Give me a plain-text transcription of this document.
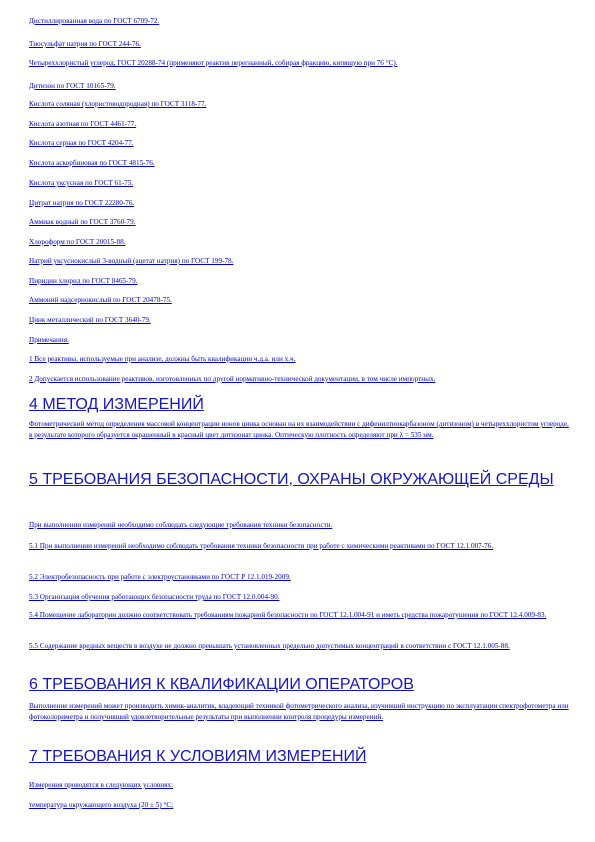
Дистиллированная вода по ГОСТ 6709-72.
Тиосульфат натрия по ГОСТ 244-76.
Четыреххлористый углерод, ГОСТ 20288-74 (применяют реактив перегнанный, собирая фракцию, кипящую при 76 °С).
Дитизон по ГОСТ 10165-79.
Кислота соляная (хлористоводородная) по ГОСТ 3118-77.
Кислота азотная по ГОСТ 4461-77.
Кислота серная по ГОСТ 4204-77.
Кислота аскорбиновая по ГОСТ 4815-76.
Кислота уксусная по ГОСТ 61-75.
Цитрат натрия по ГОСТ 22280-76.
Аммиак водный по ГОСТ 3760-79.
Хлороформ по ГОСТ 20015-88.
Натрий уксуснокислый 3-водный (ацетат натрия) по ГОСТ 199-78.
Пиридин хлорид по ГОСТ 8465-79.
Аммоний надсернокислый по ГОСТ 20478-75.
Цинк металлический по ГОСТ 3640-79.
Примечания.
1 Все реактивы, используемые при анализе, должны быть квалификации ч.д.а. или х.ч.
2 Допускается использование реактивов, изготовленных по другой нормативно-технической документации, в том числе импортных.
4 МЕТОД ИЗМЕРЕНИЙ
Фотометрический метод определения массовой концентрации ионов цинка основан на их взаимодействии с дифенилтиокарбазоном (дитизоном) в четыреххлористом углероде, в результате которого образуется окрашенный в красный цвет дитизонат цинка. Оптическую плотность определяют при λ = 535 нм.
5 ТРЕБОВАНИЯ БЕЗОПАСНОСТИ, ОХРАНЫ ОКРУЖАЮЩЕЙ СРЕДЫ
При выполнении измерений необходимо соблюдать следующие требования техники безопасности.
5.1 При выполнении измерений необходимо соблюдать требования техники безопасности при работе с химическими реактивами по ГОСТ 12.1.007-76.
5.2 Электробезопасность при работе с электроустановками по ГОСТ Р 12.1.019-2009.
5.3 Организация обучения работающих безопасности труда по ГОСТ 12.0.004-90.
5.4 Помещение лаборатории должно соответствовать требованиям пожарной безопасности по ГОСТ 12.1.004-91 и иметь средства пожаротушения по ГОСТ 12.4.009-83.
5.5 Содержание вредных веществ в воздухе не должно превышать установленных предельно допустимых концентраций в соответствии с ГОСТ 12.1.005-88.
6 ТРЕБОВАНИЯ К КВАЛИФИКАЦИИ ОПЕРАТОРОВ
Выполнение измерений может производить химик-аналитик, владеющий техникой фотометрического анализа, изучивший инструкцию по эксплуатации спектрофотометра или фотоколориметра и получивший удовлетворительные результаты при выполнении контроля процедуры измерений.
7 ТРЕБОВАНИЯ К УСЛОВИЯМ ИЗМЕРЕНИЙ
Измерения проводятся в следующих условиях:
температура окружающего воздуха (20 ± 5) °С;
